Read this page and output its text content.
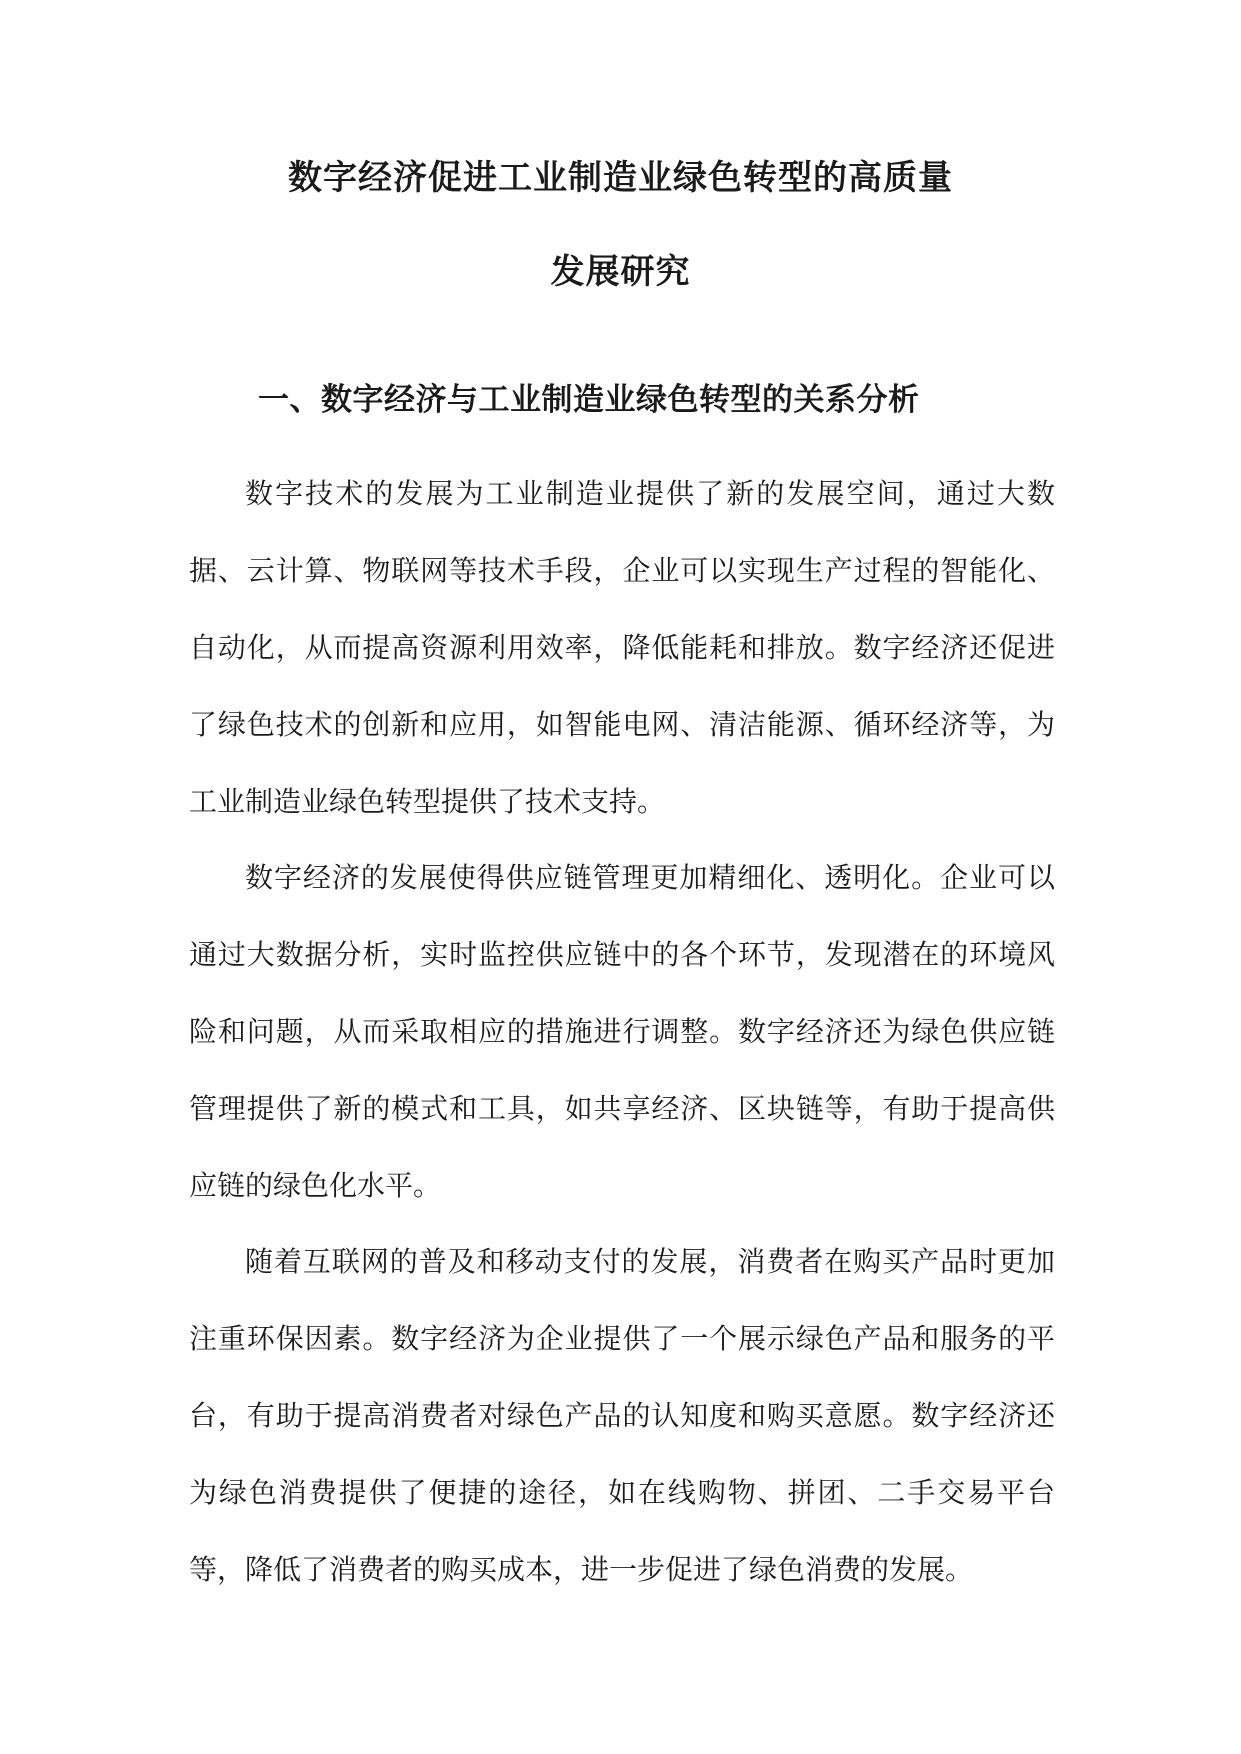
数字经济促进工业制造业绿色转型的高质量
发展研究
一、数字经济与工业制造业绿色转型的关系分析

数字技术的发展为工业制造业提供了新的发展空间，通过大数据、云计算、物联网等技术手段，企业可以实现生产过程的智能化、自动化，从而提高资源利用效率，降低能耗和排放。数字经济还促进了绿色技术的创新和应用，如智能电网、清洁能源、循环经济等，为工业制造业绿色转型提供了技术支持。

数字经济的发展使得供应链管理更加精细化、透明化。企业可以通过大数据分析，实时监控供应链中的各个环节，发现潜在的环境风险和问题，从而采取相应的措施进行调整。数字经济还为绿色供应链管理提供了新的模式和工具，如共享经济、区块链等，有助于提高供应链的绿色化水平。

随着互联网的普及和移动支付的发展，消费者在购买产品时更加注重环保因素。数字经济为企业提供了一个展示绿色产品和服务的平台，有助于提高消费者对绿色产品的认知度和购买意愿。数字经济还为绿色消费提供了便捷的途径，如在线购物、拼团、二手交易平台等，降低了消费者的购买成本，进一步促进了绿色消费的发展。
